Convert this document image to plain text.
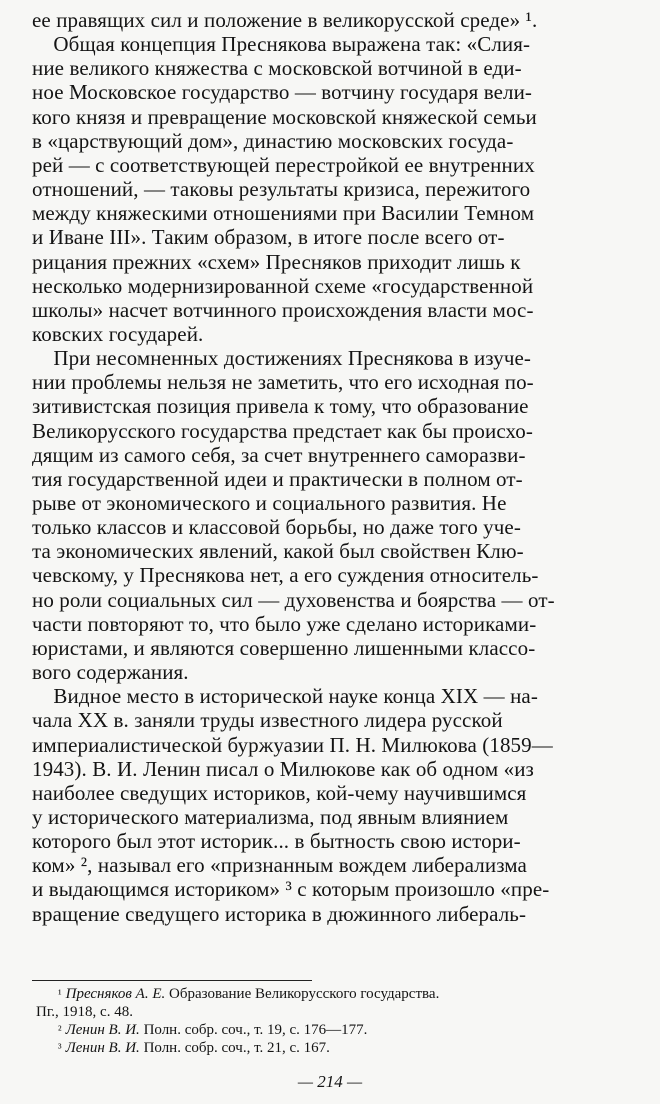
ее правящих сил и положение в великорусской среде» ¹.
Общая концепция Преснякова выражена так: «Слия-
ние великого княжества с московской вотчиной в еди-
ное Московское государство — вотчину государя вели-
кого князя и превращение московской княжеской семьи
в «царствующий дом», династию московских госуда-
рей — с соответствующей перестройкой ее внутренних
отношений, — таковы результаты кризиса, пережитого
между княжескими отношениями при Василии Темном
и Иване III». Таким образом, в итоге после всего от-
рицания прежних «схем» Пресняков приходит лишь к
несколько модернизированной схеме «государственной
школы» насчет вотчинного происхождения власти мос-
ковских государей.
При несомненных достижениях Преснякова в изуче-
нии проблемы нельзя не заметить, что его исходная по-
зитивистская позиция привела к тому, что образование
Великорусского государства предстает как бы происхо-
дящим из самого себя, за счет внутреннего саморазви-
тия государственной идеи и практически в полном от-
рыве от экономического и социального развития. Не
только классов и классовой борьбы, но даже того уче-
та экономических явлений, какой был свойствен Клю-
чевскому, у Преснякова нет, а его суждения относитель-
но роли социальных сил — духовенства и боярства — от-
части повторяют то, что было уже сделано историками-
юристами, и являются совершенно лишенными классо-
вого содержания.
Видное место в исторической науке конца XIX — на-
чала XX в. заняли труды известного лидера русской
империалистической буржуазии П. Н. Милюкова (1859—
1943). В. И. Ленин писал о Милюкове как об одном «из
наиболее сведущих историков, кой-чему научившимся
у исторического материализма, под явным влиянием
которого был этот историк... в бытность свою истори-
ком» ², называл его «признанным вождем либерализма
и выдающимся историком» ³ с которым произошло «пре-
вращение сведущего историка в дюжинного либераль-
$^{^1}$ Пресняков А. Е. Образование Великорусского государства.
Пг., 1918, с. 48.
$^{^2}$ Ленин В. И. Полн. собр. соч., т. 19, с. 176—177.
$^{^3}$ Ленин В. И. Полн. собр. соч., т. 21, с. 167.
— 214 —
